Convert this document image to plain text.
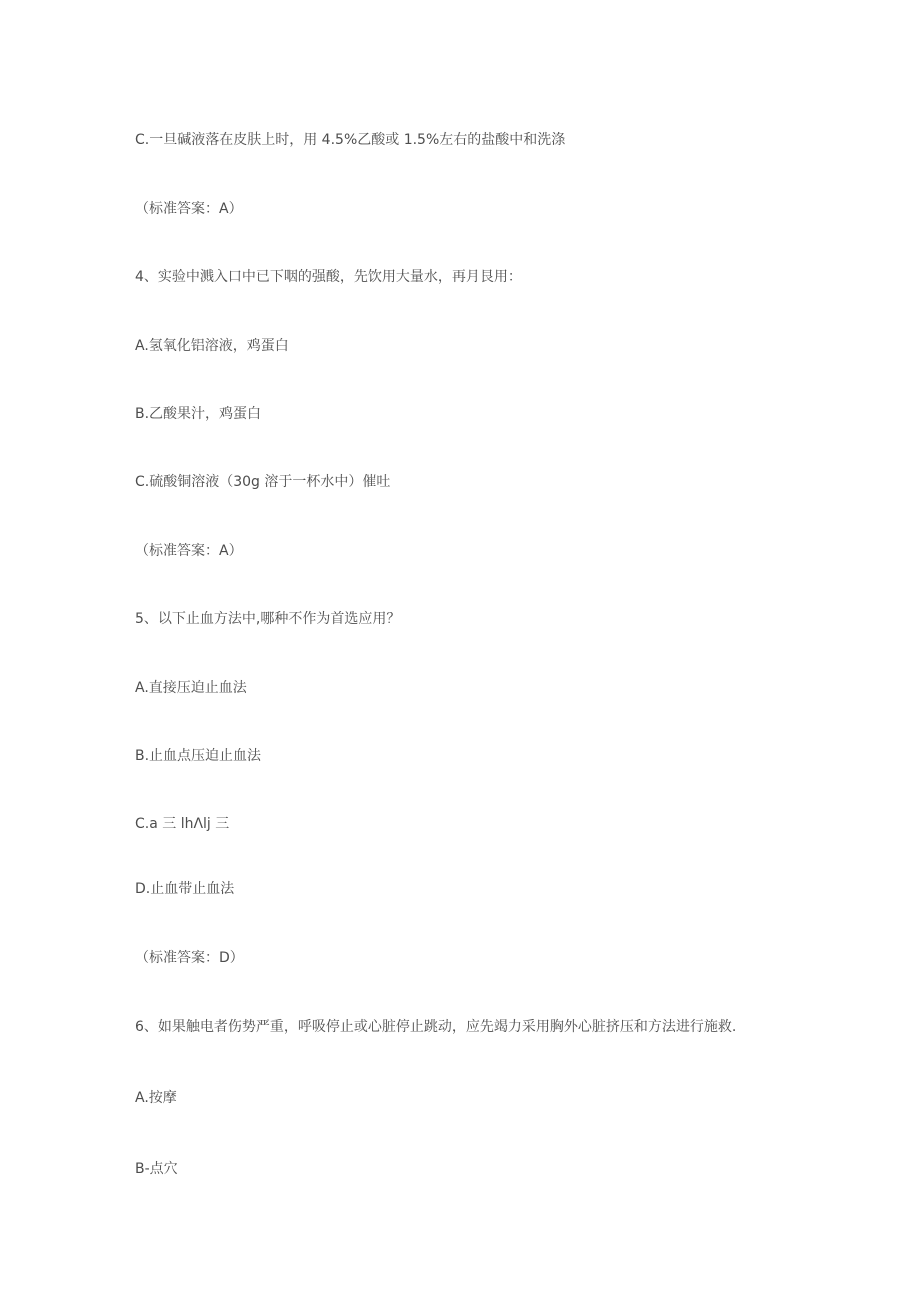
C.一旦碱液落在皮肤上时，用 4.5%乙酸或 1.5%左右的盐酸中和洗涤
（标准答案：A）
4、实验中溅入口中已下咽的强酸，先饮用大量水，再月艮用：
A.氢氧化铝溶液，鸡蛋白
B.乙酸果汁，鸡蛋白
C.硫酸铜溶液（30g 溶于一杯水中）催吐
（标准答案：A）
5、以下止血方法中,哪种不作为首选应用？
A.直接压迫止血法
B.止血点压迫止血法
C.a 三 lhΛlj 三
D.止血带止血法
（标准答案：D）
6、如果触电者伤势严重，呼吸停止或心脏停止跳动，应先竭力采用胸外心脏挤压和方法进行施救.
A.按摩
B-点穴
